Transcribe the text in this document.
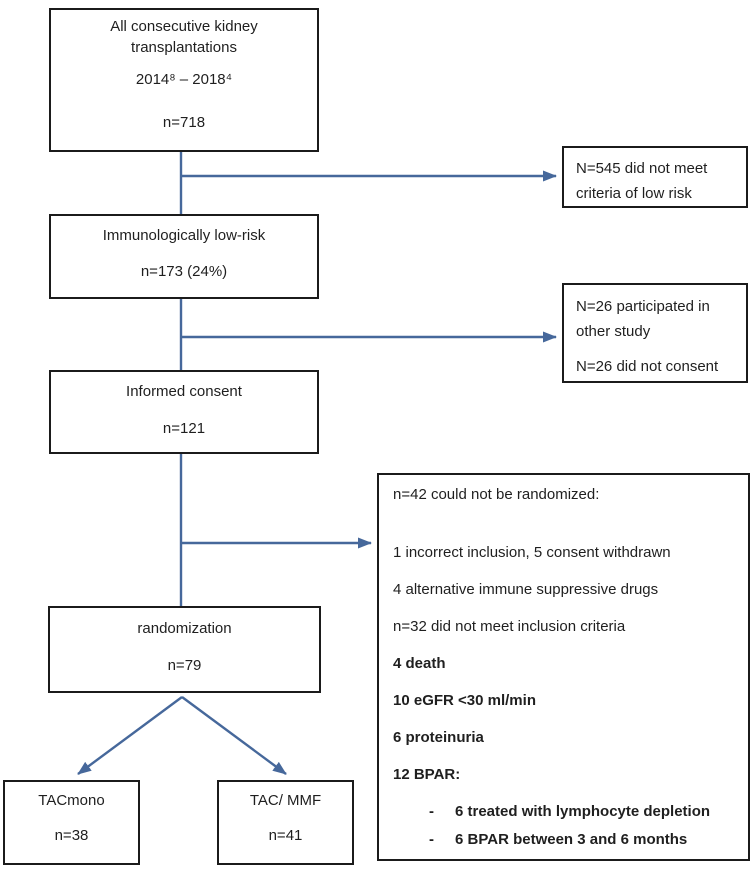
All consecutive kidney
transplantations
2014⁸ – 2018⁴
n=718
N=545 did not meet
criteria of low risk
Immunologically low-risk
n=173 (24%)
N=26 participated in
other study
N=26 did not consent
Informed consent
n=121
n=42 could not be randomized:
1 incorrect inclusion, 5 consent withdrawn
4 alternative immune suppressive drugs
n=32 did not meet inclusion criteria
4 death
10 eGFR <30 ml/min
6 proteinuria
12 BPAR:
-	6 treated with lymphocyte depletion
-	6 BPAR between 3 and 6 months
randomization
n=79
TACmono
n=38
TAC/ MMF
n=41
